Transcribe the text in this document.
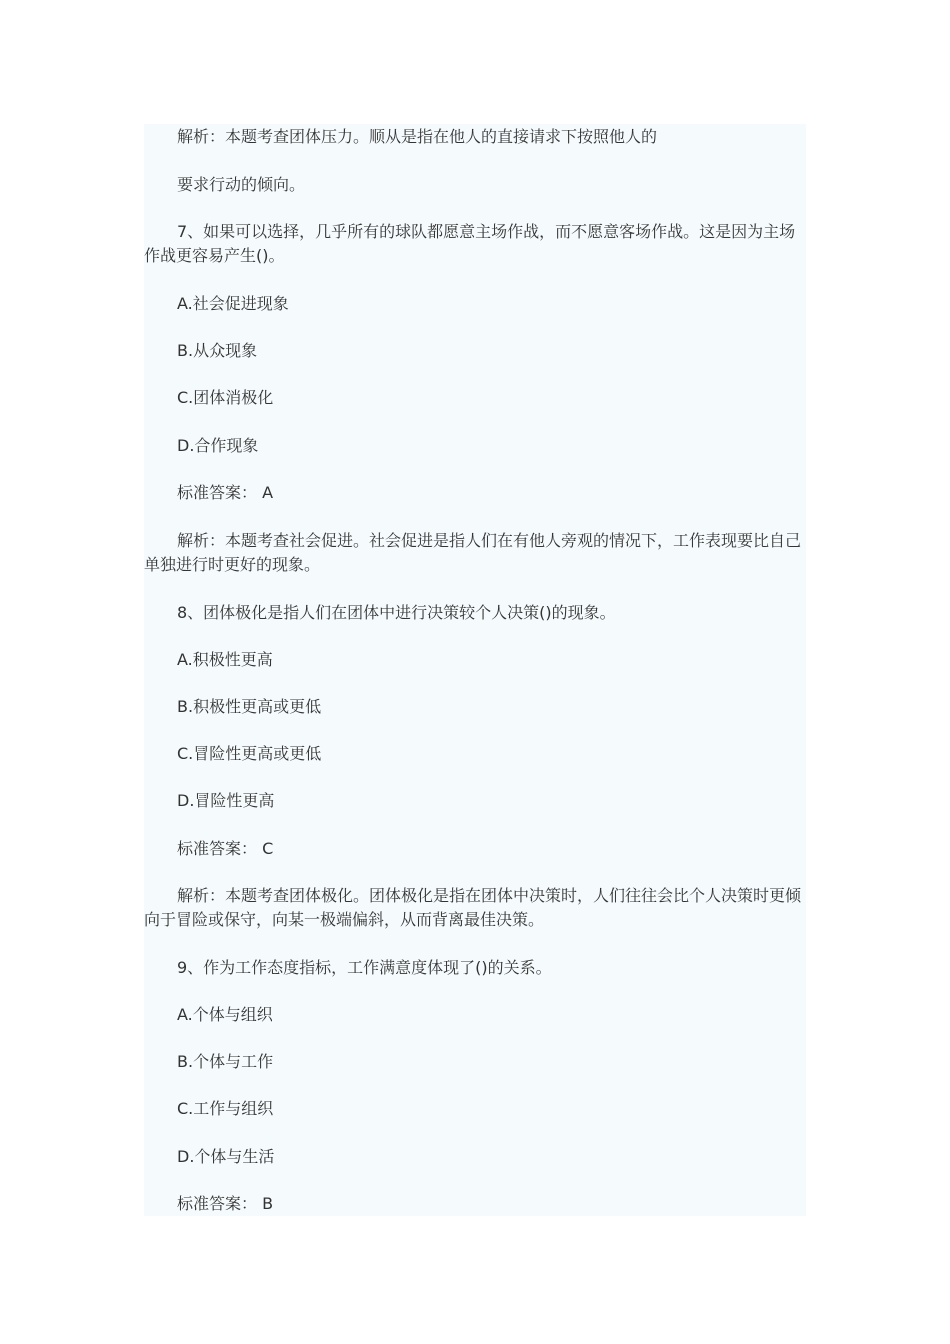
解析：本题考查团体压力。顺从是指在他人的直接请求下按照他人的
要求行动的倾向。
7、如果可以选择，几乎所有的球队都愿意主场作战，而不愿意客场作战。这是因为主场作战更容易产生()。
A.社会促进现象
B.从众现象
C.团体消极化
D.合作现象
标准答案： A
解析：本题考查社会促进。社会促进是指人们在有他人旁观的情况下，工作表现要比自己单独进行时更好的现象。
8、团体极化是指人们在团体中进行决策较个人决策()的现象。
A.积极性更高
B.积极性更高或更低
C.冒险性更高或更低
D.冒险性更高
标准答案： C
解析：本题考查团体极化。团体极化是指在团体中决策时，人们往往会比个人决策时更倾向于冒险或保守，向某一极端偏斜，从而背离最佳决策。
9、作为工作态度指标，工作满意度体现了()的关系。
A.个体与组织
B.个体与工作
C.工作与组织
D.个体与生活
标准答案： B
